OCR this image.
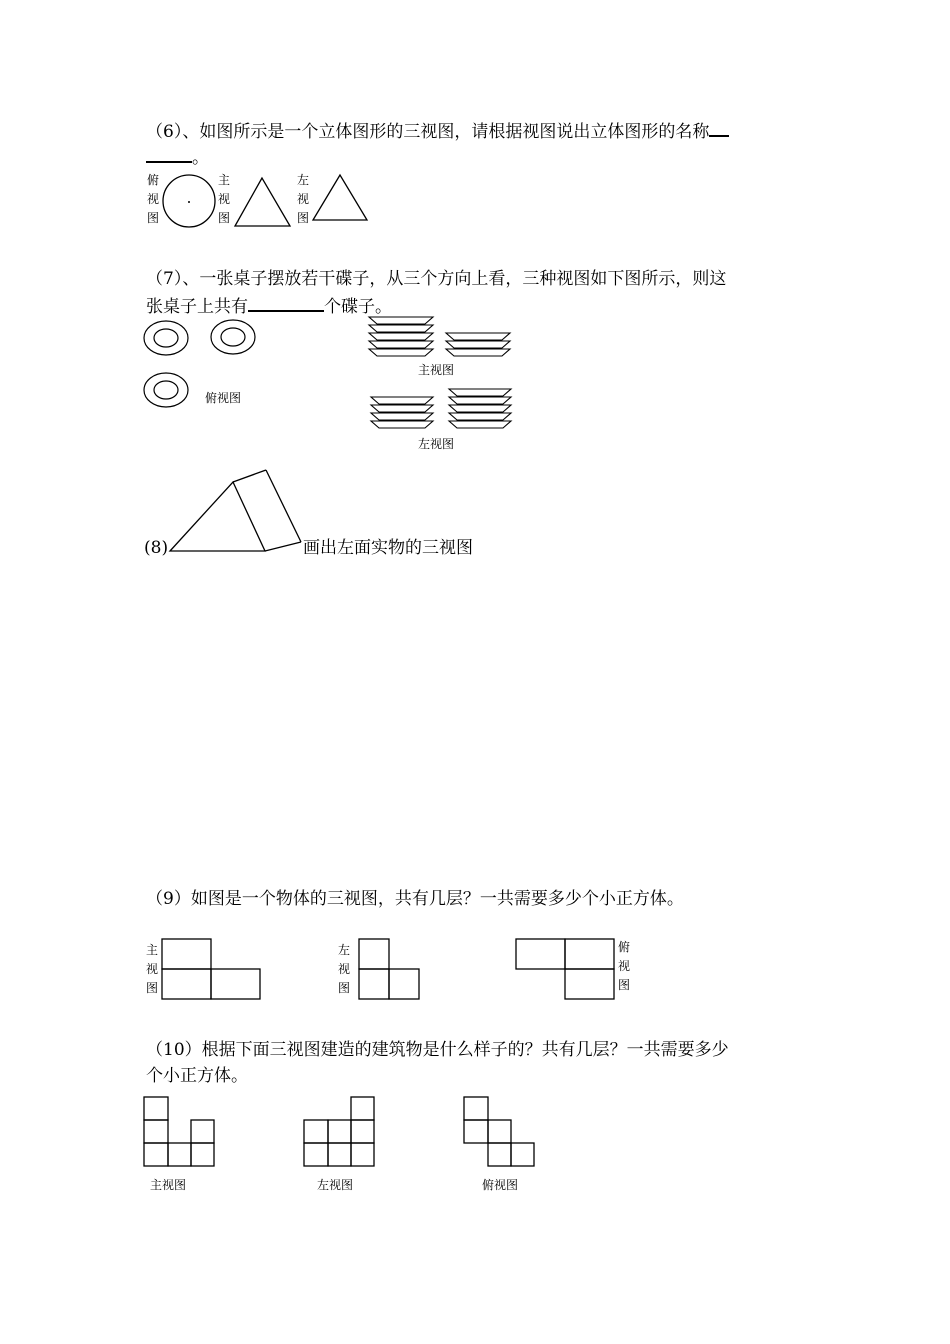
（6）、如图所示是一个立体图形的三视图，请根据视图说出立体图形的名称
。
俯
视
图
主
视
图
左
视
图
（7）、一张桌子摆放若干碟子，从三个方向上看，三种视图如下图所示，则这
张桌子上共有	个碟子。
俯视图
主视图
左视图
(8)	画出左面实物的三视图
（9）如图是一个物体的三视图，共有几层？一共需要多少个小正方体。
主
视
图
左
视
图
俯
视
图
（10）根据下面三视图建造的建筑物是什么样子的？共有几层？一共需要多少
个小正方体。
主视图	左视图	俯视图
